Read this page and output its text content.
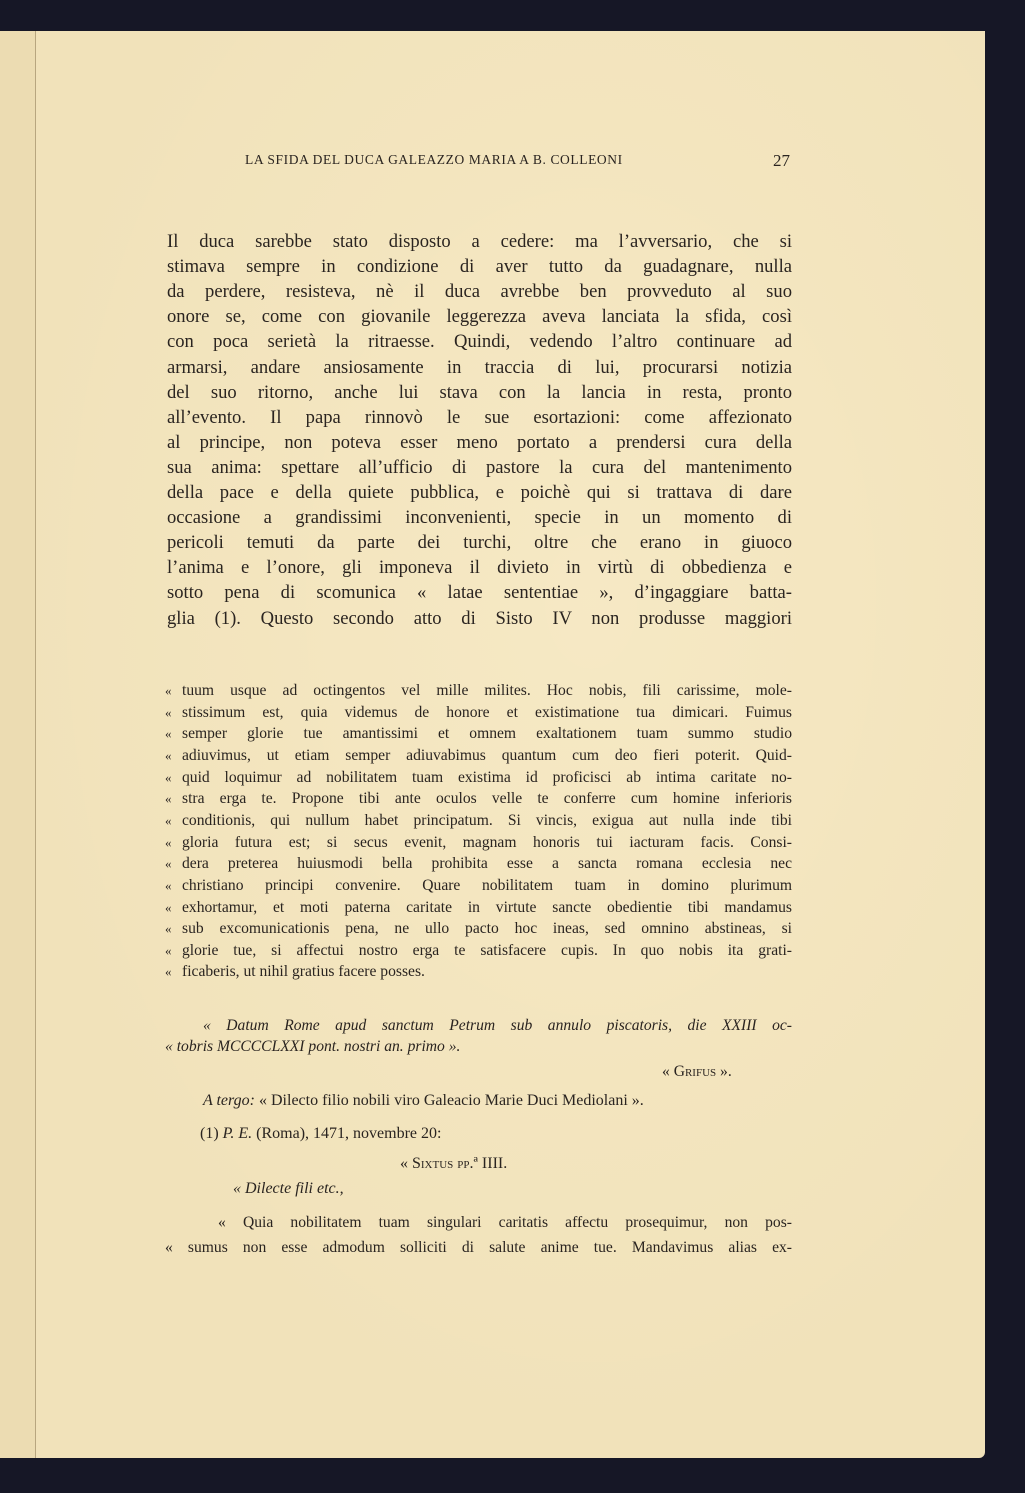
LA SFIDA DEL DUCA GALEAZZO MARIA A B. COLLEONI	27
Il duca sarebbe stato disposto a cedere: ma l’avversario, che si
stimava sempre in condizione di aver tutto da guadagnare, nulla
da perdere, resisteva, nè il duca avrebbe ben provveduto al suo
onore se, come con giovanile leggerezza aveva lanciata la sfida, così
con poca serietà la ritraesse. Quindi, vedendo l’altro continuare ad
armarsi, andare ansiosamente in traccia di lui, procurarsi notizia
del suo ritorno, anche lui stava con la lancia in resta, pronto
all’evento. Il papa rinnovò le sue esortazioni: come affezionato
al principe, non poteva esser meno portato a prendersi cura della
sua anima: spettare all’ufficio di pastore la cura del mantenimento
della pace e della quiete pubblica, e poichè qui si trattava di dare
occasione a grandissimi inconvenienti, specie in un momento di
pericoli temuti da parte dei turchi, oltre che erano in giuoco
l’anima e l’onore, gli imponeva il divieto in virtù di obbedienza e
sotto pena di scomunica « latae sententiae », d’ingaggiare batta-
glia (1). Questo secondo atto di Sisto IV non produsse maggiori
« tuum usque ad octingentos vel mille milites. Hoc nobis, fili carissime, mole-
« stissimum est, quia videmus de honore et existimatione tua dimicari. Fuimus
« semper glorie tue amantissimi et omnem exaltationem tuam summo studio
« adiuvimus, ut etiam semper adiuvabimus quantum cum deo fieri poterit. Quid-
« quid loquimur ad nobilitatem tuam existima id proficisci ab intima caritate no-
« stra erga te. Propone tibi ante oculos velle te conferre cum homine inferioris
« conditionis, qui nullum habet principatum. Si vincis, exigua aut nulla inde tibi
« gloria futura est; si secus evenit, magnam honoris tui iacturam facis. Consi-
« dera preterea huiusmodi bella prohibita esse a sancta romana ecclesia nec
« christiano principi convenire. Quare nobilitatem tuam in domino plurimum
« exhortamur, et moti paterna caritate in virtute sancte obedientie tibi mandamus
« sub excomunicationis pena, ne ullo pacto hoc ineas, sed omnino abstineas, si
« glorie tue, si affectui nostro erga te satisfacere cupis. In quo nobis ita grati-
« ficaberis, ut nihil gratius facere posses.
« Datum Rome apud sanctum Petrum sub annulo piscatoris, die XXIII oc-
« tobris MCCCCLXXI pont. nostri an. primo ».
« Grifus ».
A tergo: « Dilecto filio nobili viro Galeacio Marie Duci Mediolani ».
(1) P. E. (Roma), 1471, novembre 20:
« Sixtus pp.ª IIII.
« Dilecte fili etc.,
« Quia nobilitatem tuam singulari caritatis affectu prosequimur, non pos-
« sumus non esse admodum solliciti di salute anime tue. Mandavimus alias ex-
